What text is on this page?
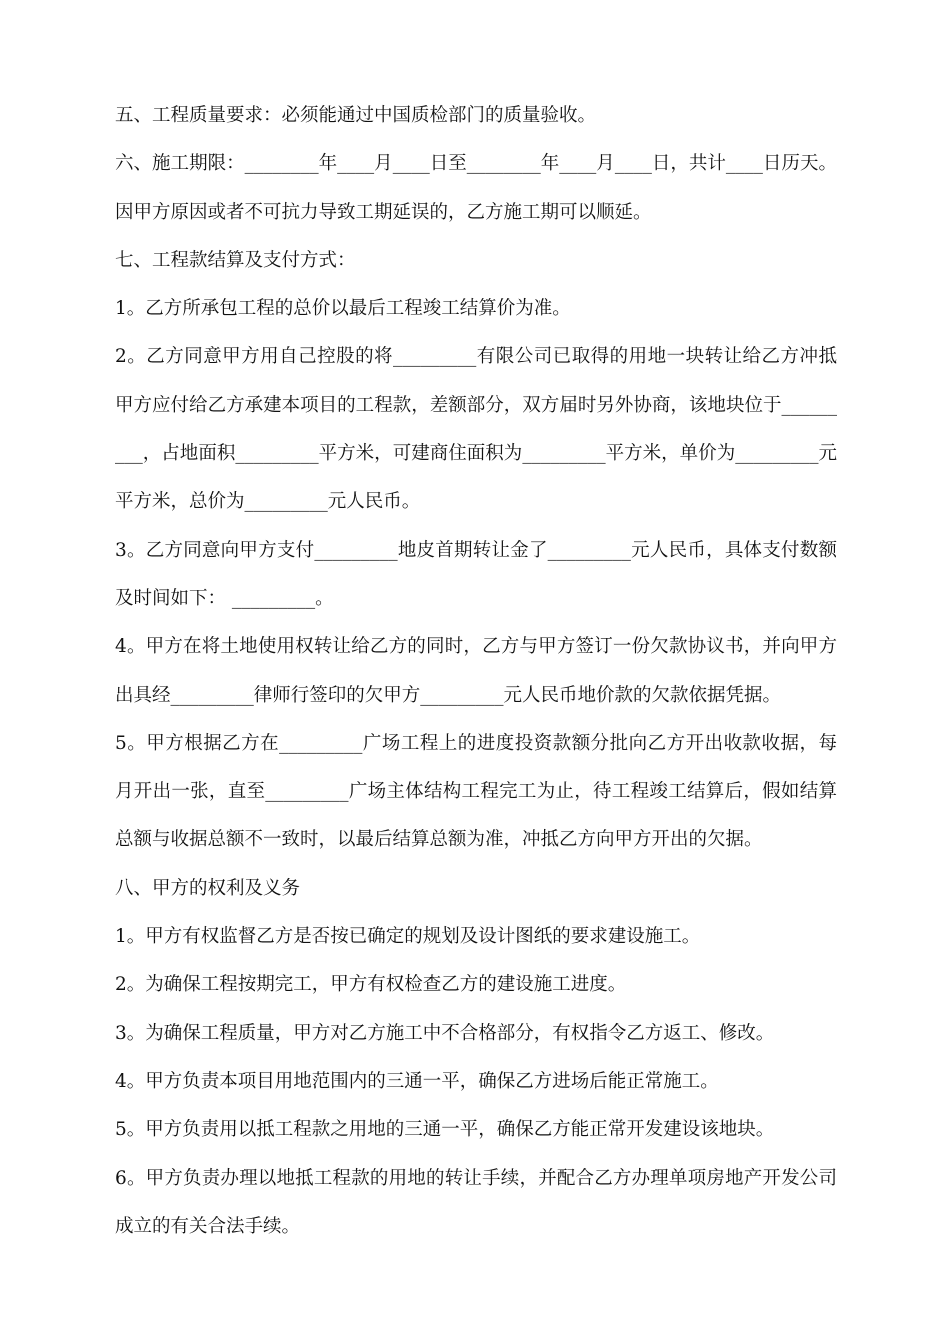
五、工程质量要求：必须能通过中国质检部门的质量验收。

六、施工期限：________年____月____日至________年____月____日，共计____日历天。因甲方原因或者不可抗力导致工期延误的，乙方施工期可以顺延。

七、工程款结算及支付方式：

1。乙方所承包工程的总价以最后工程竣工结算价为准。

2。乙方同意甲方用自己控股的将_________有限公司已取得的用地一块转让给乙方冲抵甲方应付给乙方承建本项目的工程款，差额部分，双方届时另外协商，该地块位于_________，占地面积_________平方米，可建商住面积为_________平方米，单价为_________元平方米，总价为_________元人民币。

3。乙方同意向甲方支付_________地皮首期转让金了_________元人民币，具体支付数额及时间如下： _________。

4。甲方在将土地使用权转让给乙方的同时，乙方与甲方签订一份欠款协议书，并向甲方出具经_________律师行签印的欠甲方_________元人民币地价款的欠款依据凭据。

5。甲方根据乙方在_________广场工程上的进度投资款额分批向乙方开出收款收据，每月开出一张，直至_________广场主体结构工程完工为止，待工程竣工结算后，假如结算总额与收据总额不一致时，以最后结算总额为准，冲抵乙方向甲方开出的欠据。

八、甲方的权利及义务

1。甲方有权监督乙方是否按已确定的规划及设计图纸的要求建设施工。

2。为确保工程按期完工，甲方有权检查乙方的建设施工进度。

3。为确保工程质量，甲方对乙方施工中不合格部分，有权指令乙方返工、修改。

4。甲方负责本项目用地范围内的三通一平，确保乙方进场后能正常施工。

5。甲方负责用以抵工程款之用地的三通一平，确保乙方能正常开发建设该地块。

6。甲方负责办理以地抵工程款的用地的转让手续，并配合乙方办理单项房地产开发公司成立的有关合法手续。
